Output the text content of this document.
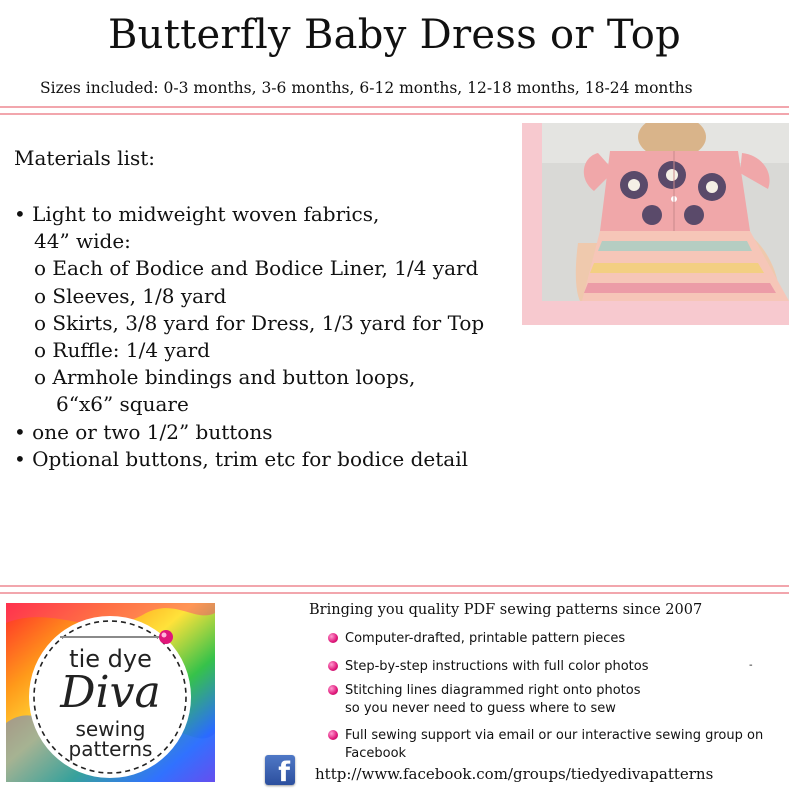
Butterfly Baby Dress or Top
Sizes included: 0-3 months, 3-6 months, 6-12 months, 12-18 months, 18-24 months
Materials list:
• Light to midweight woven fabrics,
44” wide:
o Each of Bodice and Bodice Liner, 1/4 yard
o Sleeves, 1/8 yard
o Skirts, 3/8 yard for Dress, 1/3 yard for Top
o Ruffle: 1/4 yard
o Armhole bindings and button loops,
6“x6” square
• one or two 1/2” buttons
• Optional buttons, trim etc for bodice detail
tie dye
Diva
sewing
patterns
Bringing you quality PDF sewing patterns since 2007
Computer-drafted, printable pattern pieces
Step-by-step instructions with full color photos
Stitching lines diagrammed right onto photos
so you never need to guess where to sew
Full sewing support via email or our interactive sewing group on
Facebook
-
f http://www.facebook.com/groups/tiedyedivapatterns
